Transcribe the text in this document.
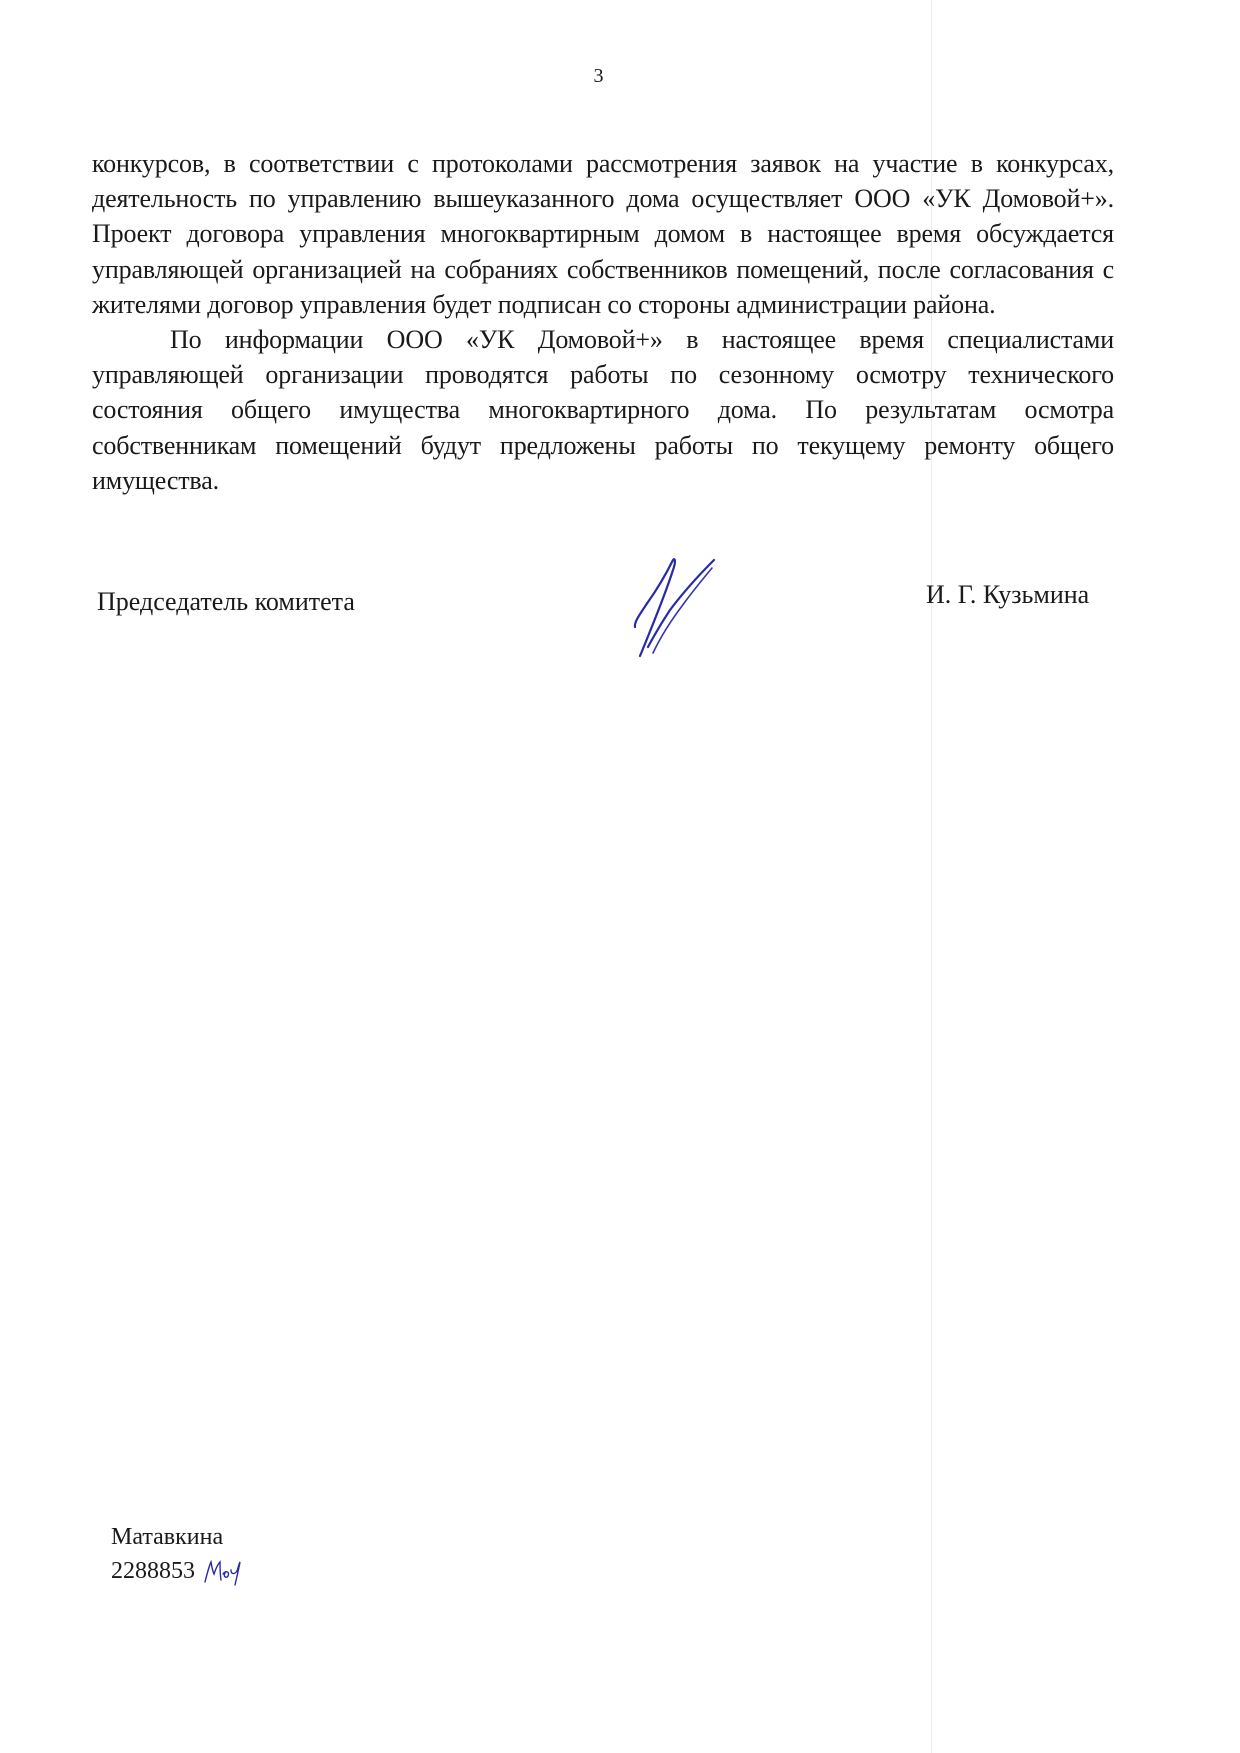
3

конкурсов, в соответствии с протоколами рассмотрения заявок на участие в конкурсах, деятельность по управлению вышеуказанного дома осуществляет ООО «УК Домовой+». Проект договора управления многоквартирным домом в настоящее время обсуждается управляющей организацией на собраниях собственников помещений, после согласования с жителями договор управления будет подписан со стороны администрации района.

По информации ООО «УК Домовой+» в настоящее время специалистами управляющей организации проводятся работы по сезонному осмотру технического состояния общего имущества многоквартирного дома. По результатам осмотра собственникам помещений будут предложены работы по текущему ремонту общего имущества.

Председатель комитета	И. Г. Кузьмина
Матавкина
2288853
